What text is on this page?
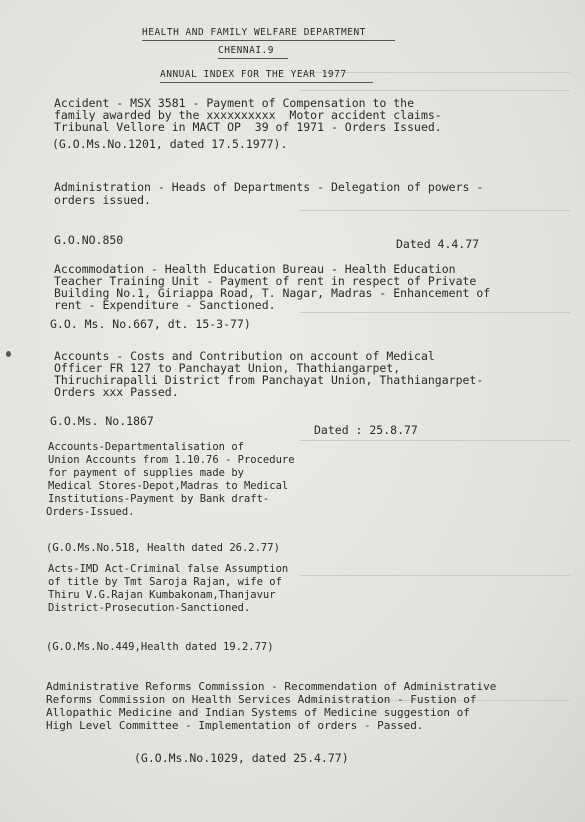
HEALTH AND FAMILY WELFARE DEPARTMENT
CHENNAI.9
ANNUAL INDEX FOR THE YEAR 1977
Accident - MSX 3581 - Payment of Compensation to the
family awarded by the xxxxxxxxxx  Motor accident claims-
Tribunal Vellore in MACT OP  39 of 1971 - Orders Issued.
(G.O.Ms.No.1201, dated 17.5.1977).
Administration - Heads of Departments - Delegation of powers -
orders issued.
G.O.NO.850	Dated 4.4.77
Accommodation - Health Education Bureau - Health Education
Teacher Training Unit - Payment of rent in respect of Private
Building No.1, Giriappa Road, T. Nagar, Madras - Enhancement of
rent - Expenditure - Sanctioned.
G.O. Ms. No.667, dt. 15-3-77)
Accounts - Costs and Contribution on account of Medical
Officer FR 127 to Panchayat Union, Thathiangarpet,
Thiruchirapalli District from Panchayat Union, Thathiangarpet-
Orders xxx Passed.
G.O.Ms. No.1867
Dated : 25.8.77
Accounts-Departmentalisation of
Union Accounts from 1.10.76 - Procedure
for payment of supplies made by
Medical Stores-Depot,Madras to Medical
Institutions-Payment by Bank draft-
Orders-Issued.
(G.O.Ms.No.518, Health dated 26.2.77)
Acts-IMD Act-Criminal false Assumption
of title by Tmt Saroja Rajan, wife of
Thiru V.G.Rajan Kumbakonam,Thanjavur
District-Prosecution-Sanctioned.
(G.O.Ms.No.449,Health dated 19.2.77)
Administrative Reforms Commission - Recommendation of Administrative
Reforms Commission on Health Services Administration - Fustion of
Allopathic Medicine and Indian Systems of Medicine suggestion of
High Level Committee - Implementation of orders - Passed.
(G.O.Ms.No.1029, dated 25.4.77)
